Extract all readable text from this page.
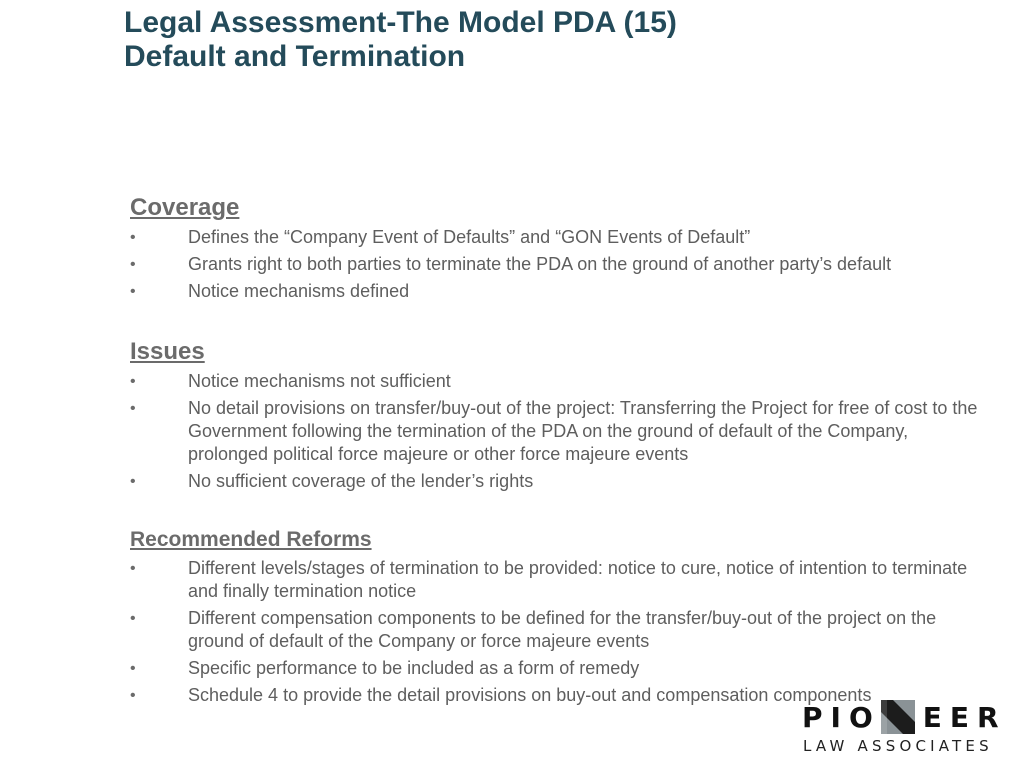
Legal Assessment-The Model PDA (15)
Default and Termination
Coverage
• Defines the “Company Event of Defaults” and “GON Events of Default”
• Grants right to both parties to terminate the PDA on the ground of another party’s default
• Notice mechanisms defined
Issues
• Notice mechanisms not sufficient
• No detail provisions on transfer/buy-out of the project: Transferring the Project for free of cost to the Government following the termination of the PDA on the ground of default of the Company, prolonged political force majeure or other force majeure events
• No sufficient coverage of the lender’s rights
Recommended Reforms
• Different levels/stages of termination to be provided: notice to cure, notice of intention to terminate and finally termination notice
• Different compensation components to be defined for the transfer/buy-out of the project on the ground of default of the Company or force majeure events
• Specific performance to be included as a form of remedy
• Schedule 4 to provide the detail provisions on buy-out and compensation components
PIO EER
LAW ASSOCIATES
